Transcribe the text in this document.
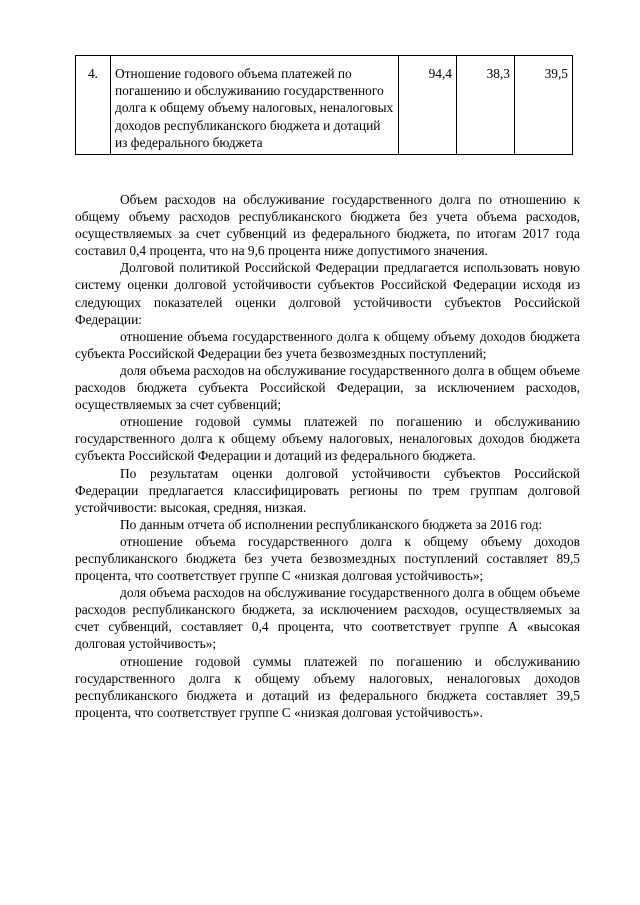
4.	Отношение годового объема платежей по погашению и обслуживанию государственного долга к общему объему налоговых, неналоговых доходов республиканского бюджета и дотаций из федерального бюджета	94,4	38,3	39,5

Объем расходов на обслуживание государственного долга по отношению к общему объему расходов республиканского бюджета без учета объема расходов, осуществляемых за счет субвенций из федерального бюджета, по итогам 2017 года составил 0,4 процента, что на 9,6 процента ниже допустимого значения.

Долговой политикой Российской Федерации предлагается использовать новую систему оценки долговой устойчивости субъектов Российской Федерации исходя из следующих показателей оценки долговой устойчивости субъектов Российской Федерации:

отношение объема государственного долга к общему объему доходов бюджета субъекта Российской Федерации без учета безвозмездных поступлений;

доля объема расходов на обслуживание государственного долга в общем объеме расходов бюджета субъекта Российской Федерации, за исключением расходов, осуществляемых за счет субвенций;

отношение годовой суммы платежей по погашению и обслуживанию государственного долга к общему объему налоговых, неналоговых доходов бюджета субъекта Российской Федерации и дотаций из федерального бюджета.

По результатам оценки долговой устойчивости субъектов Российской Федерации предлагается классифицировать регионы по трем группам долговой устойчивости: высокая, средняя, низкая.

По данным отчета об исполнении республиканского бюджета за 2016 год:

отношение объема государственного долга к общему объему доходов республиканского бюджета без учета безвозмездных поступлений составляет 89,5 процента, что соответствует группе С «низкая долговая устойчивость»;

доля объема расходов на обслуживание государственного долга в общем объеме расходов республиканского бюджета, за исключением расходов, осуществляемых за счет субвенций, составляет 0,4 процента, что соответствует группе А «высокая долговая устойчивость»;

отношение годовой суммы платежей по погашению и обслуживанию государственного долга к общему объему налоговых, неналоговых доходов республиканского бюджета и дотаций из федерального бюджета составляет 39,5 процента, что соответствует группе С «низкая долговая устойчивость».
